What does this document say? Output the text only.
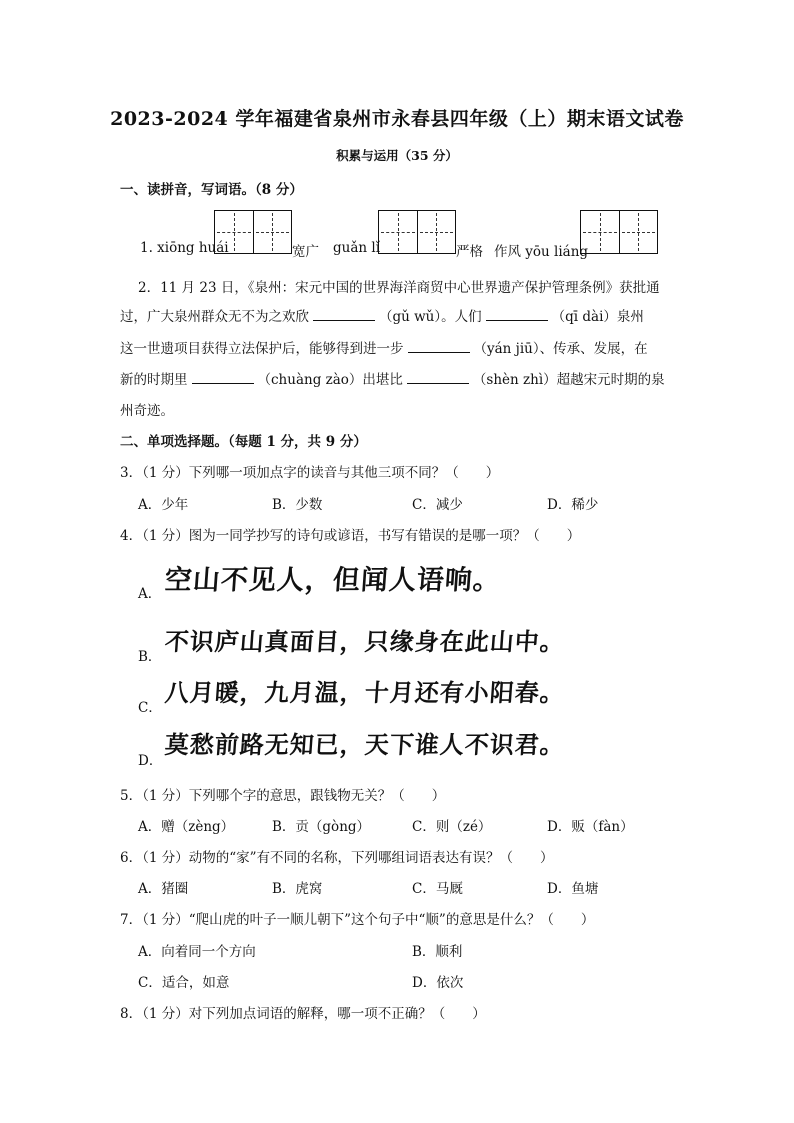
2023-2024 学年福建省泉州市永春县四年级（上）期末语文试卷
积累与运用（35 分）
一、读拼音，写词语。（8 分）
1. xiōng huái	宽广 guǎn lǐ	严格 作风 yōu liáng
2．11 月 23 日，《泉州：宋元中国的世界海洋商贸中心世界遗产保护管理条例》获批通
过，广大泉州群众无不为之欢欣	（gǔ wǔ）。人们	（qī dài）泉州
这一世遗项目获得立法保护后，能够得到进一步	（yán jiū）、传承、发展，在
新的时期里	（chuàng zào）出堪比	（shèn zhì）超越宋元时期的泉
州奇迹。
二、单项选择题。（每题 1 分，共 9 分）
3．（1 分）下列哪一项加点字的读音与其他三项不同？（　　）
A．少年	B．少数	C．减少	D．稀少
4．（1 分）图为一同学抄写的诗句或谚语，书写有错误的是哪一项？（　　）
A． 空山不见人，但闻人语响。
B．
不识庐山真面目，只缘身在此山中。
C．
八月暖，九月温，十月还有小阳春。
D．
莫愁前路无知已，天下谁人不识君。
5．（1 分）下列哪个字的意思，跟钱物无关？（　　）
A．赠（zèng）	B．贡（gòng）	C．则（zé）	D．贩（fàn）
6．（1 分）动物的“家”有不同的名称，下列哪组词语表达有误？（　　）
A．猪圈	B．虎窝	C．马厩	D．鱼塘
7．（1 分）“爬山虎的叶子一顺儿朝下”这个句子中“顺”的意思是什么？（　　）
A．向着同一个方向	B．顺利
C．适合，如意	D．依次
8．（1 分）对下列加点词语的解释，哪一项不正确？（　　）
